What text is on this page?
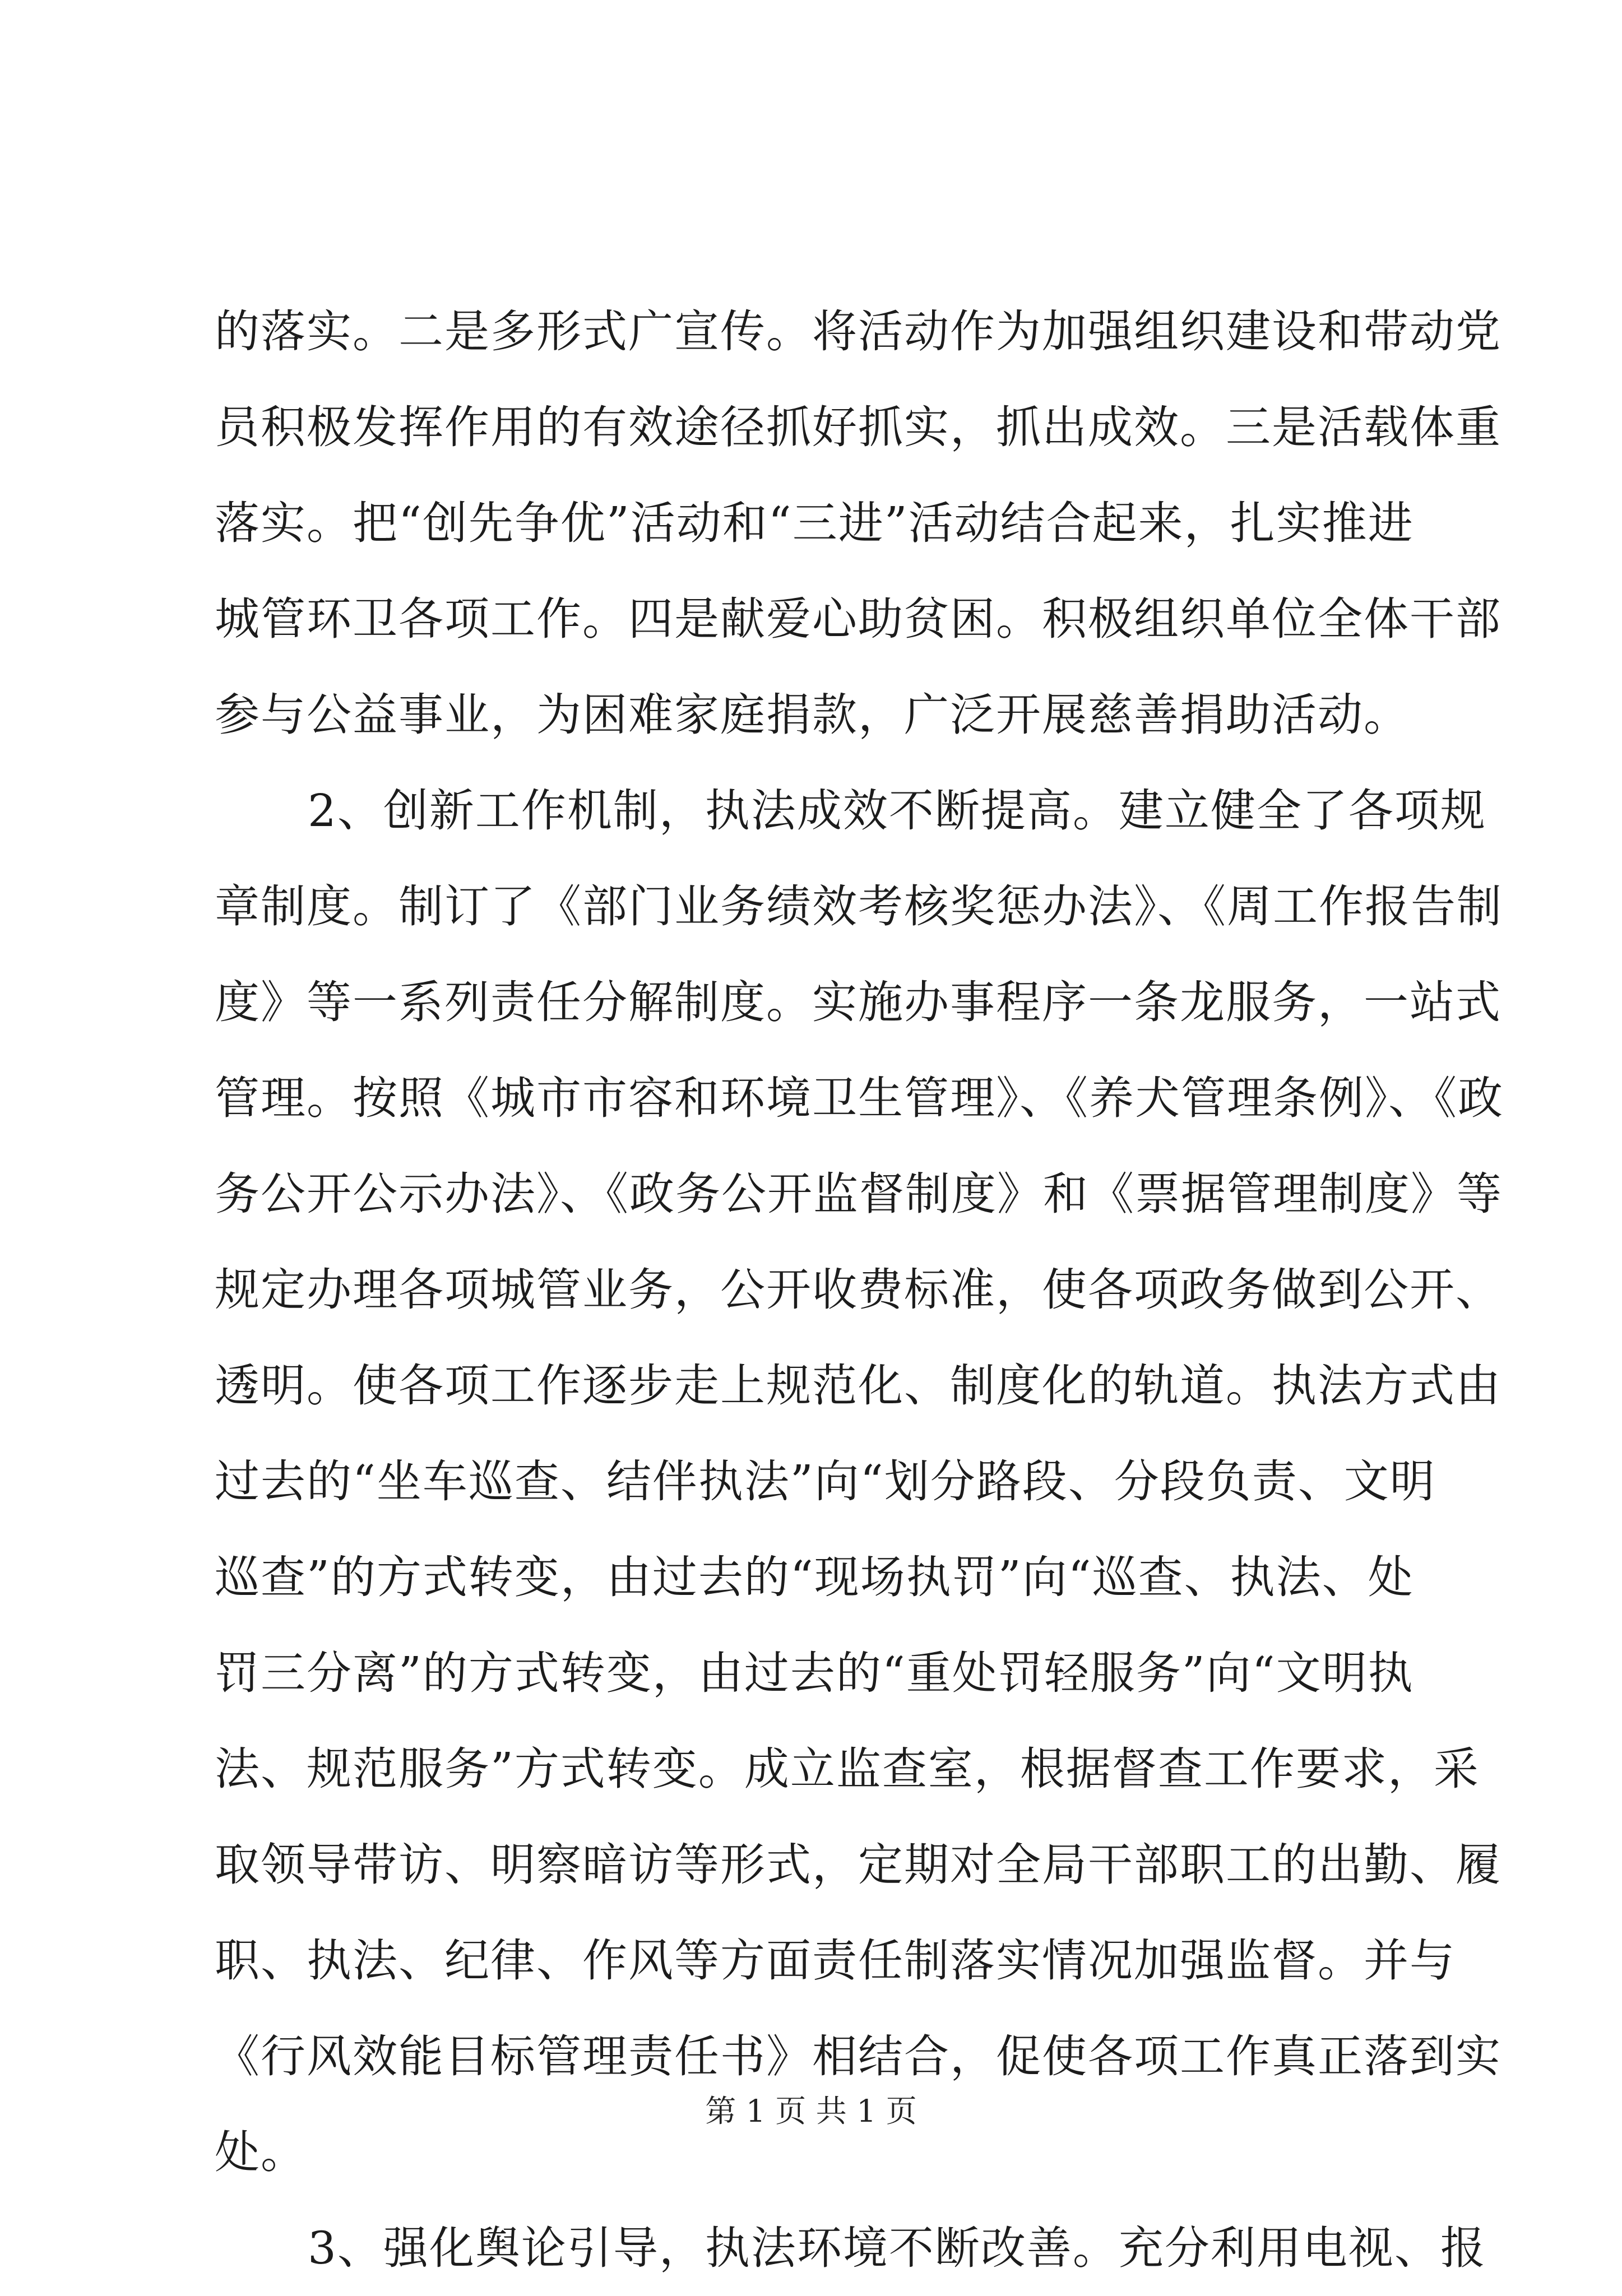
的落实。二是多形式广宣传。将活动作为加强组织建设和带动党
员积极发挥作用的有效途径抓好抓实，抓出成效。三是活载体重
落实。把“创先争优”活动和“三进”活动结合起来，扎实推进
城管环卫各项工作。四是献爱心助贫困。积极组织单位全体干部
参与公益事业，为困难家庭捐款，广泛开展慈善捐助活动。
2、创新工作机制，执法成效不断提高。建立健全了各项规
章制度。制订了《部门业务绩效考核奖惩办法》、《周工作报告制
度》等一系列责任分解制度。实施办事程序一条龙服务，一站式
管理。按照《城市市容和环境卫生管理》、《养犬管理条例》、《政
务公开公示办法》、《政务公开监督制度》和《票据管理制度》等
规定办理各项城管业务，公开收费标准，使各项政务做到公开、
透明。使各项工作逐步走上规范化、制度化的轨道。执法方式由
过去的“坐车巡查、结伴执法”向“划分路段、分段负责、文明
巡查”的方式转变，由过去的“现场执罚”向“巡查、执法、处
罚三分离”的方式转变，由过去的“重处罚轻服务”向“文明执
法、规范服务”方式转变。成立监查室，根据督查工作要求，采
取领导带访、明察暗访等形式，定期对全局干部职工的出勤、履
职、执法、纪律、作风等方面责任制落实情况加强监督。并与
《行风效能目标管理责任书》相结合，促使各项工作真正落到实
处。
3、强化舆论引导，执法环境不断改善。充分利用电视、报
第 1 页 共 1 页
